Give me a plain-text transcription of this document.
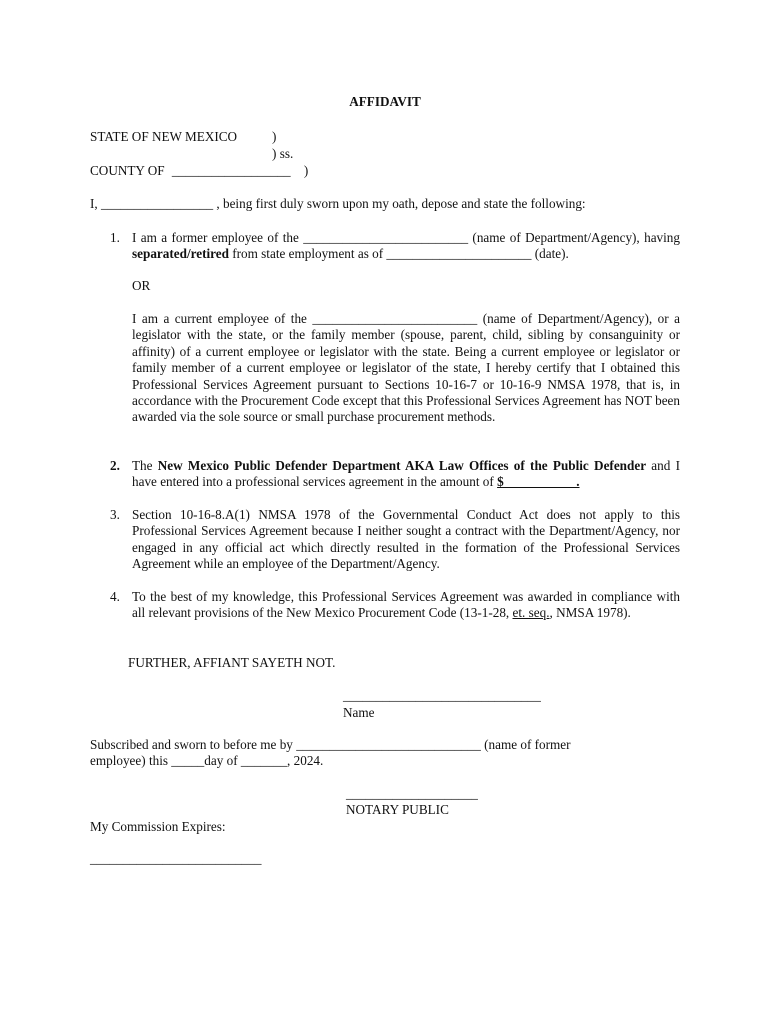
AFFIDAVIT
STATE OF NEW MEXICO	)
) ss.
COUNTY OF __________________ )
I, _________________ , being first duly sworn upon my oath, depose and state the following:
1. I am a former employee of the _________________________ (name of Department/Agency), having separated/retired from state employment as of ______________________ (date).
OR
I am a current employee of the _________________________ (name of Department/Agency), or a legislator with the state, or the family member (spouse, parent, child, sibling by consanguinity or affinity) of a current employee or legislator with the state. Being a current employee or legislator or family member of a current employee or legislator of the state, I hereby certify that I obtained this Professional Services Agreement pursuant to Sections 10-16-7 or 10-16-9 NMSA 1978, that is, in accordance with the Procurement Code except that this Professional Services Agreement has NOT been awarded via the sole source or small purchase procurement methods.
2. The New Mexico Public Defender Department AKA Law Offices of the Public Defender and I have entered into a professional services agreement in the amount of $___________.
3. Section 10-16-8.A(1) NMSA 1978 of the Governmental Conduct Act does not apply to this Professional Services Agreement because I neither sought a contract with the Department/Agency, nor engaged in any official act which directly resulted in the formation of the Professional Services Agreement while an employee of the Department/Agency.
4. To the best of my knowledge, this Professional Services Agreement was awarded in compliance with all relevant provisions of the New Mexico Procurement Code (13-1-28, et. seq., NMSA 1978).
FURTHER, AFFIANT SAYETH NOT.
______________________________
Name
Subscribed and sworn to before me by ____________________________ (name of former
employee) this _____day of _______, 2024.
____________________
NOTARY PUBLIC
My Commission Expires:
__________________________
